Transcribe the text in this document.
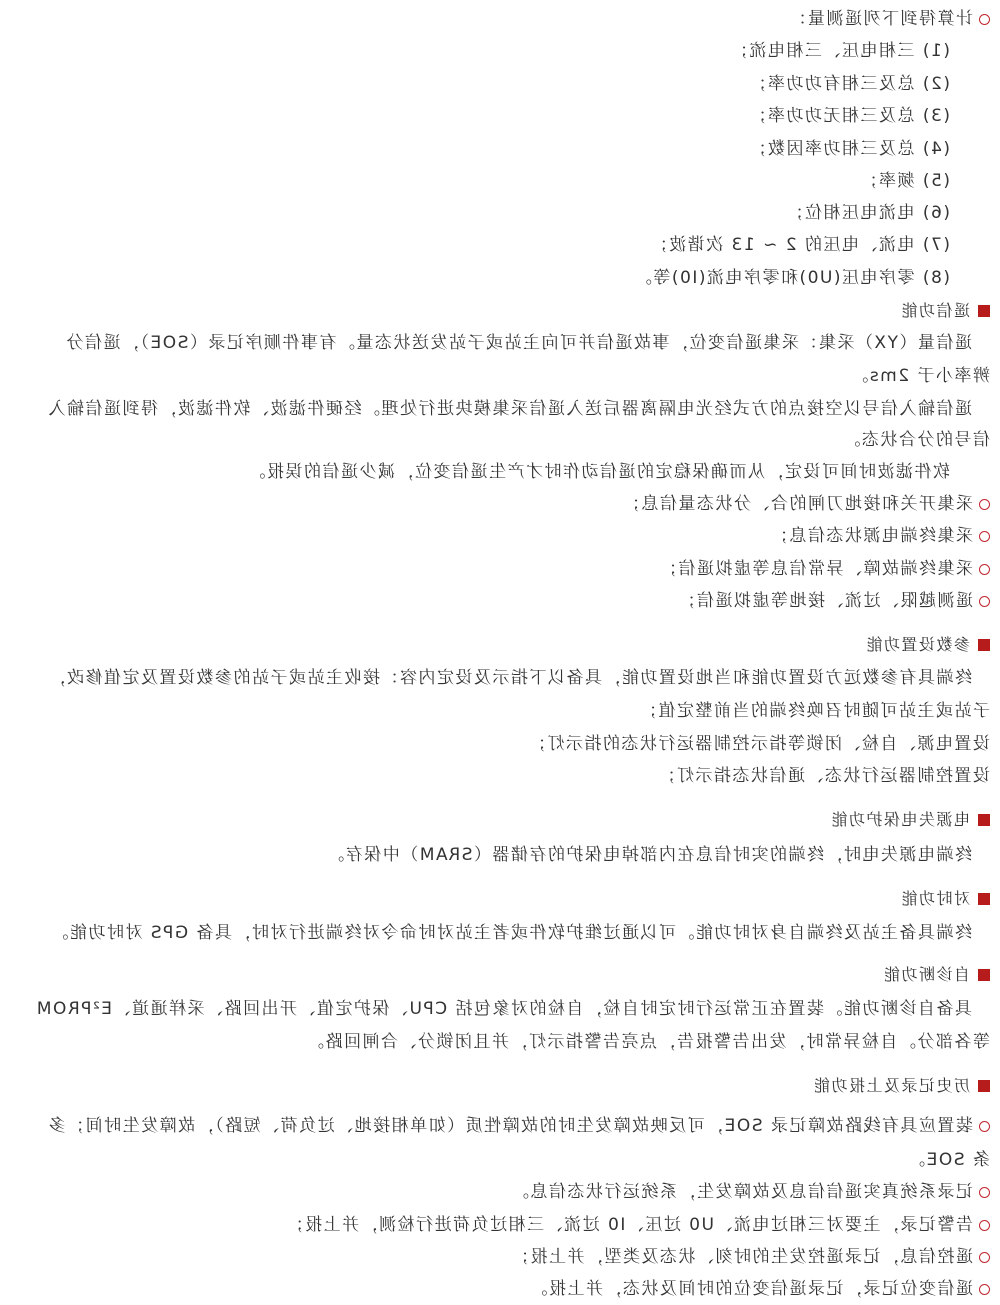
计算得到下列遥测量：
(1) 三相电压、三相电流；
(2) 总及三相有功功率；
(3) 总及三相无功功率；
(4) 总及三相功率因数；
(5) 频率；
(6) 电流电压相位；
(7) 电流、电压的 2 ~ 13 次谐波；
(8) 零序电压(U0)和零序电流(I0)等。
遥信功能
遥信量（YX）采集：采集遥信变位，事故遥信并可向主站或子站发送状态量。有事件顺序记录（SOE），遥信分
辨率小于 2ms。
遥信输入信号以空接点的方式经光电隔离器后送入遥信采集模块进行处理。经硬件滤波、软件滤波，得到遥信输入
信号的分合状态。
软件滤波时间可设定，从而确保稳定的遥信动作时才产生遥信变位，减少遥信的误报。
采集开关和接地刀闸的合、分状态量信息；
采集终端电源状态信息；
采集终端故障、异常信息等虚拟遥信；
遥测越限、过流、接地等虚拟遥信；
参数设置功能
终端具有参数远方设置功能和当地设置功能，具备以下指示及设定内容：接收主站或子站的参数设置及定值修改，
子站或主站可随时召唤终端的当前整定值；
设置电源、自检、闭锁等指示控制器运行状态的指示灯；
设置控制器运行状态、通信状态指示灯；
电源失电保护功能
终端电源失电时，终端的实时信息在内部掉电保护的存储器（SRAM）中保存。
对时功能
终端具备主站及终端自身对时功能。可以通过维护软件或者主站对时命令对终端进行对时，具备 GPS 对时功能。
自诊断功能
具备自诊断功能。装置在正常运行时定时自检，自检的对象包括 CPU、保护定值、开出回路、采样通道、E²PROM
等各部分。自检异常时，发出告警报告，点亮告警指示灯，并且闭锁分、合闸回路。
历史记录及上报功能
装置应具有线路故障记录 SOE，可反映故障发生时的故障性质（如单相接地、过负荷、短路），故障发生时间；多
条 SOE。
记录系统真实遥信信息及故障发生，系统运行状态信息。
告警记录，主要对三相过电流、U0 过压、I0 过流、三相过负荷进行检测，并上报；
遥控信息，记录遥控发生的时刻、状态及类型，并上报；
遥信变位记录，记录遥信变位的时间及状态，并上报。
